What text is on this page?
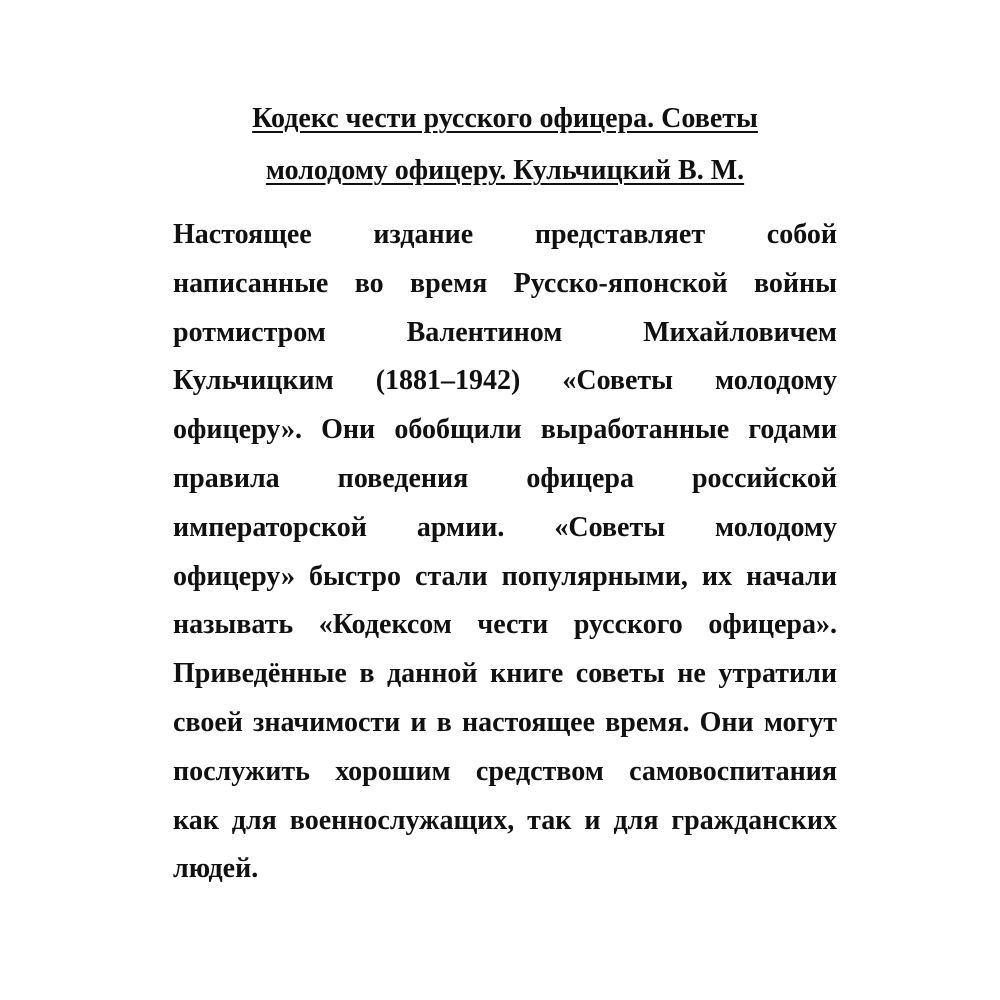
Кодекс чести русского офицера. Советы
молодому офицеру. Кульчицкий В. М.
Настоящее издание представляет собой
написанные во время Русско-японской войны
ротмистром Валентином Михайловичем
Кульчицким (1881–1942) «Советы молодому
офицеру». Они обобщили выработанные годами
правила поведения офицера российской
императорской армии. «Советы молодому
офицеру» быстро стали популярными, их начали
называть «Кодексом чести русского офицера».
Приведённые в данной книге советы не утратили
своей значимости и в настоящее время. Они могут
послужить хорошим средством самовоспитания
как для военнослужащих, так и для гражданских
людей.
